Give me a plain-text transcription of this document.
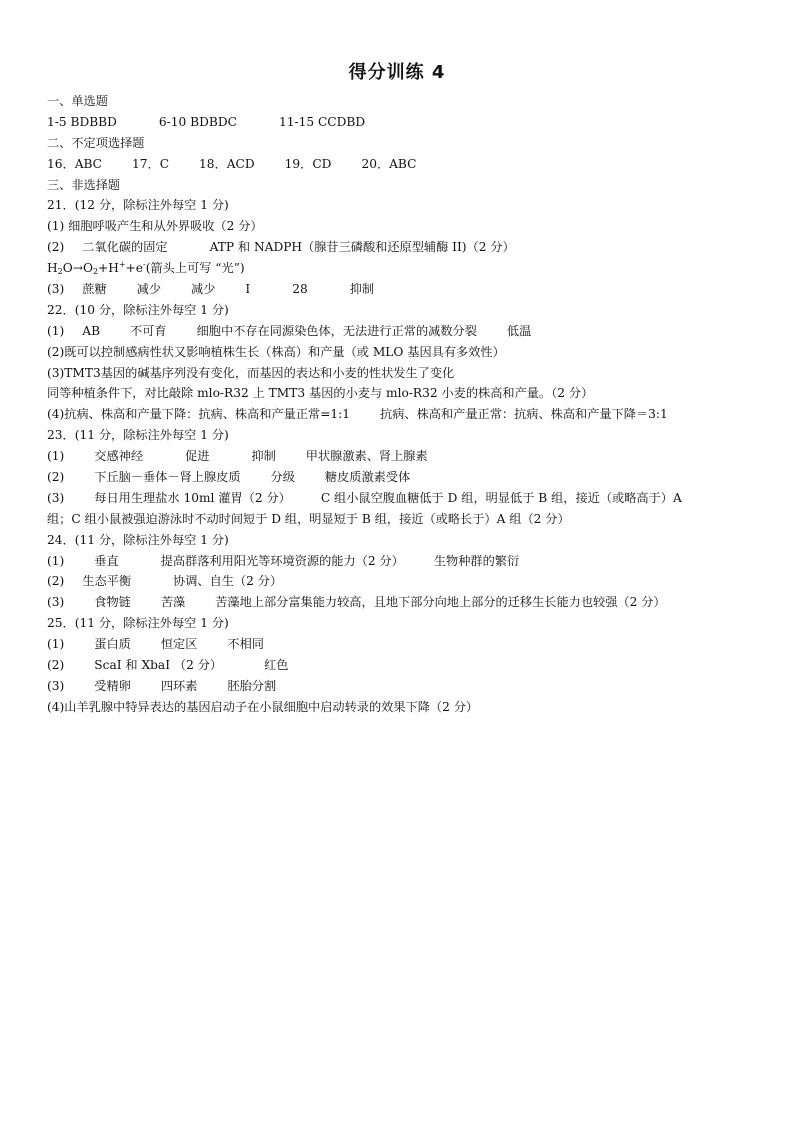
得分训练 4
一、单选题
1-5 BDBBD	6-10 BDBDC	11-15 CCDBD
二、不定项选择题
16．ABC 17．C 18．ACD 19．CD 20．ABC
三、非选择题
21．(12 分，除标注外每空 1 分)
(1) 细胞呼吸产生和从外界吸收（2 分）
(2) 二氧化碳的固定	ATP 和 NADPH（腺苷三磷酸和还原型辅酶 II)（2 分）
$H_2O\to O_2+H^++e^-$(箭头上可写 “光”)
(3) 蔗糖 减少 减少 I	28	抑制
22．(10 分，除标注外每空 1 分)
(1) AB 不可育 细胞中不存在同源染色体，无法进行正常的减数分裂 低温
(2)既可以控制感病性状又影响植株生长（株高）和产量（或 MLO 基因具有多效性）
(3)TMT3基因的碱基序列没有变化，而基因的表达和小麦的性状发生了变化
同等种植条件下，对比敲除 mlo-R32 上 TMT3 基因的小麦与 mlo-R32 小麦的株高和产量。（2 分）
(4)抗病、株高和产量下降：抗病、株高和产量正常=1:1 抗病、株高和产量正常：抗病、株高和产量下降＝3:1
23．(11 分，除标注外每空 1 分)
(1) 交感神经	促进	抑制 甲状腺激素、肾上腺素
(2) 下丘脑－垂体－肾上腺皮质 分级 糖皮质激素受体
(3) 每日用生理盐水 10ml 灌胃（2 分） C 组小鼠空腹血糖低于 D 组，明显低于 B 组，接近（或略高于）A
组；C 组小鼠被强迫游泳时不动时间短于 D 组，明显短于 B 组，接近（或略长于）A 组（2 分）
24．(11 分，除标注外每空 1 分)
(1) 垂直	提高群落利用阳光等环境资源的能力（2 分） 生物种群的繁衍
(2) 生态平衡	协调、自生（2 分）
(3) 食物链 苦藻 苦藻地上部分富集能力较高，且地下部分向地上部分的迁移生长能力也较强（2 分）
25．(11 分，除标注外每空 1 分)
(1) 蛋白质 恒定区 不相同
(2) ScaI 和 XbaI （2 分）	红色
(3) 受精卵 四环素 胚胎分割
(4)山羊乳腺中特异表达的基因启动子在小鼠细胞中启动转录的效果下降（2 分）
